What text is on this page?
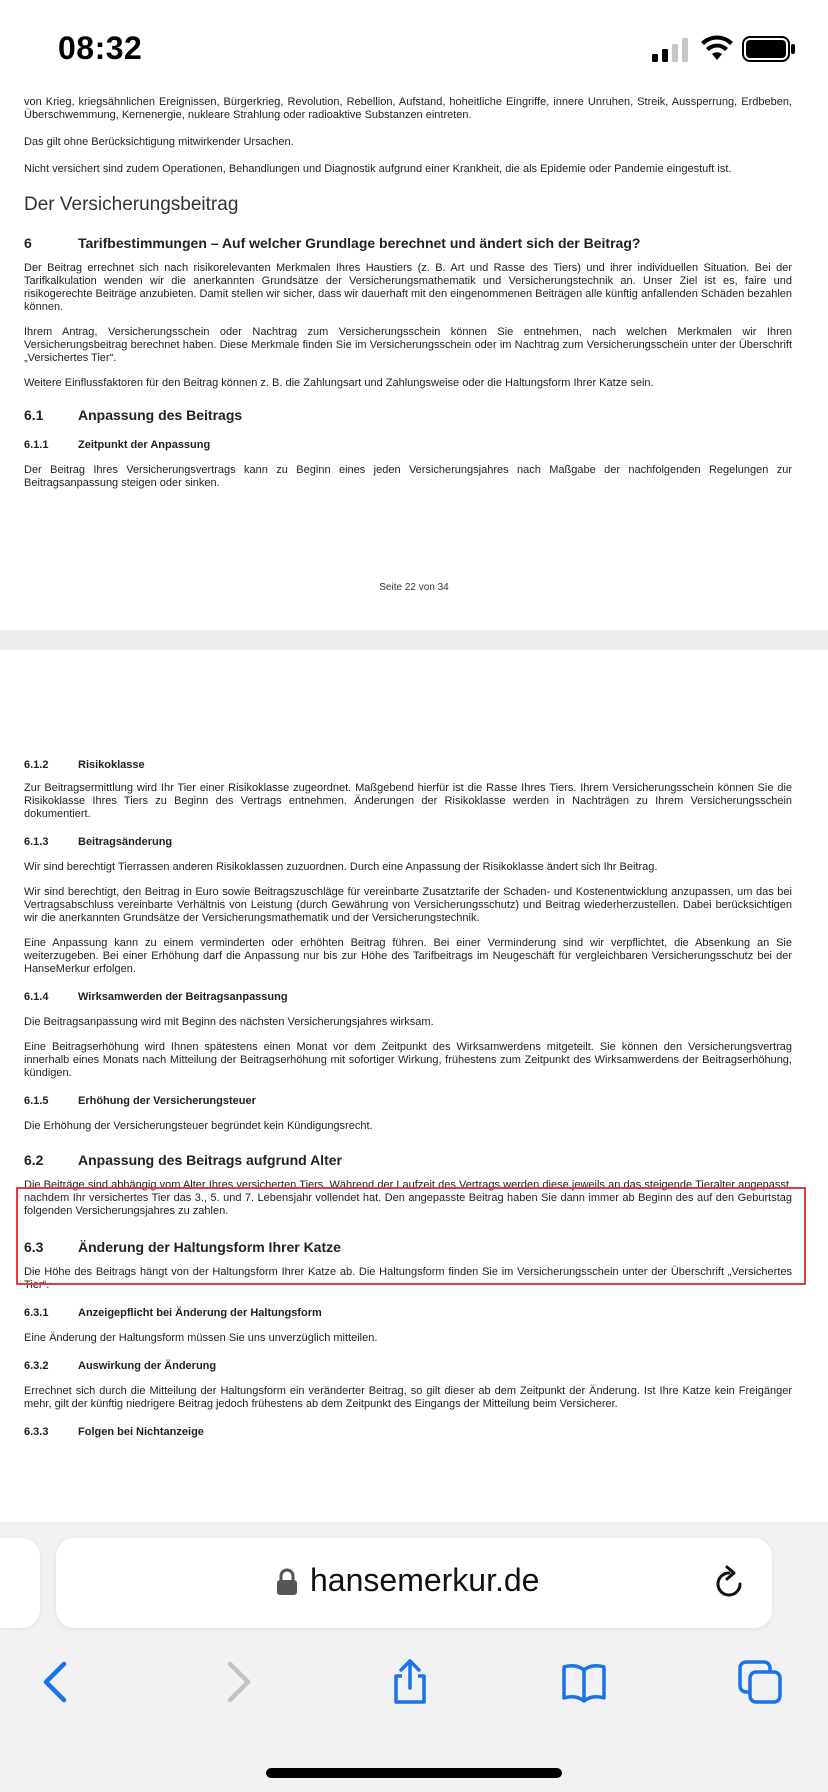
08:32

von Krieg, kriegsähnlichen Ereignissen, Bürgerkrieg, Revolution, Rebellion, Aufstand, hoheitliche Eingriffe, innere Unruhen, Streik, Aussperrung, Erdbeben, Überschwemmung, Kernenergie, nukleare Strahlung oder radioaktive Substanzen eintreten.

Das gilt ohne Berücksichtigung mitwirkender Ursachen.

Nicht versichert sind zudem Operationen, Behandlungen und Diagnostik aufgrund einer Krankheit, die als Epidemie oder Pandemie eingestuft ist.

Der Versicherungsbeitrag
6	Tarifbestimmungen – Auf welcher Grundlage berechnet und ändert sich der Beitrag?

Der Beitrag errechnet sich nach risikorelevanten Merkmalen Ihres Haustiers (z. B. Art und Rasse des Tiers) und ihrer individuellen Situation. Bei der Tarifkalkulation wenden wir die anerkannten Grundsätze der Versicherungsmathematik und Versicherungstechnik an. Unser Ziel ist es, faire und risikogerechte Beiträge anzubieten. Damit stellen wir sicher, dass wir dauerhaft mit den eingenommenen Beiträgen alle künftig anfallenden Schäden bezahlen können.

Ihrem Antrag, Versicherungsschein oder Nachtrag zum Versicherungsschein können Sie entnehmen, nach welchen Merkmalen wir Ihren Versicherungsbeitrag berechnet haben. Diese Merkmale finden Sie im Versicherungsschein oder im Nachtrag zum Versicherungsschein unter der Überschrift „Versichertes Tier“.

Weitere Einflussfaktoren für den Beitrag können z. B. die Zahlungsart und Zahlungsweise oder die Haltungsform Ihrer Katze sein.

6.1 Anpassung des Beitrags
6.1.1	Zeitpunkt der Anpassung

Der Beitrag Ihres Versicherungsvertrags kann zu Beginn eines jeden Versicherungsjahres nach Maßgabe der nachfolgenden Regelungen zur Beitragsanpassung steigen oder sinken.

Seite 22 von 34
6.1.2	Risikoklasse

Zur Beitragsermittlung wird Ihr Tier einer Risikoklasse zugeordnet. Maßgebend hierfür ist die Rasse Ihres Tiers. Ihrem Versicherungsschein können Sie die Risikoklasse Ihres Tiers zu Beginn des Vertrags entnehmen. Änderungen der Risikoklasse werden in Nachträgen zu Ihrem Versicherungsschein dokumentiert.

6.1.3	Beitragsänderung

Wir sind berechtigt Tierrassen anderen Risikoklassen zuzuordnen. Durch eine Anpassung der Risikoklasse ändert sich Ihr Beitrag.

Wir sind berechtigt, den Beitrag in Euro sowie Beitragszuschläge für vereinbarte Zusatztarife der Schaden- und Kostenentwicklung anzupassen, um das bei Vertragsabschluss vereinbarte Verhältnis von Leistung (durch Gewährung von Versicherungsschutz) und Beitrag wiederherzustellen. Dabei berücksichtigen wir die anerkannten Grundsätze der Versicherungsmathematik und der Versicherungstechnik.

Eine Anpassung kann zu einem verminderten oder erhöhten Beitrag führen. Bei einer Verminderung sind wir verpflichtet, die Absenkung an Sie weiterzugeben. Bei einer Erhöhung darf die Anpassung nur bis zur Höhe des Tarifbeitrags im Neugeschäft für vergleichbaren Versicherungsschutz bei der HanseMerkur erfolgen.

6.1.4	Wirksamwerden der Beitragsanpassung

Die Beitragsanpassung wird mit Beginn des nächsten Versicherungsjahres wirksam.

Eine Beitragserhöhung wird Ihnen spätestens einen Monat vor dem Zeitpunkt des Wirksamwerdens mitgeteilt. Sie können den Versicherungsvertrag innerhalb eines Monats nach Mitteilung der Beitragserhöhung mit sofortiger Wirkung, frühestens zum Zeitpunkt des Wirksamwerdens der Beitragserhöhung, kündigen.

6.1.5	Erhöhung der Versicherungsteuer

Die Erhöhung der Versicherungsteuer begründet kein Kündigungsrecht.

6.2 Anpassung des Beitrags aufgrund Alter

Die Beiträge sind abhängig vom Alter Ihres versicherten Tiers. Während der Laufzeit des Vertrags werden diese jeweils an das steigende Tieralter angepasst, nachdem Ihr versichertes Tier das 3., 5. und 7. Lebensjahr vollendet hat. Den angepasste Beitrag haben Sie dann immer ab Beginn des auf den Geburtstag folgenden Versicherungsjahres zu zahlen.

6.3 Änderung der Haltungsform Ihrer Katze

Die Höhe des Beitrags hängt von der Haltungsform Ihrer Katze ab. Die Haltungsform finden Sie im Versicherungsschein unter der Überschrift „Versichertes Tier“.

6.3.1	Anzeigepflicht bei Änderung der Haltungsform

Eine Änderung der Haltungsform müssen Sie uns unverzüglich mitteilen.

6.3.2	Auswirkung der Änderung

Errechnet sich durch die Mitteilung der Haltungsform ein veränderter Beitrag, so gilt dieser ab dem Zeitpunkt der Änderung. Ist Ihre Katze kein Freigänger mehr, gilt der künftig niedrigere Beitrag jedoch frühestens ab dem Zeitpunkt des Eingangs der Mitteilung beim Versicherer.

6.3.3	Folgen bei Nichtanzeige
hansemerkur.de
